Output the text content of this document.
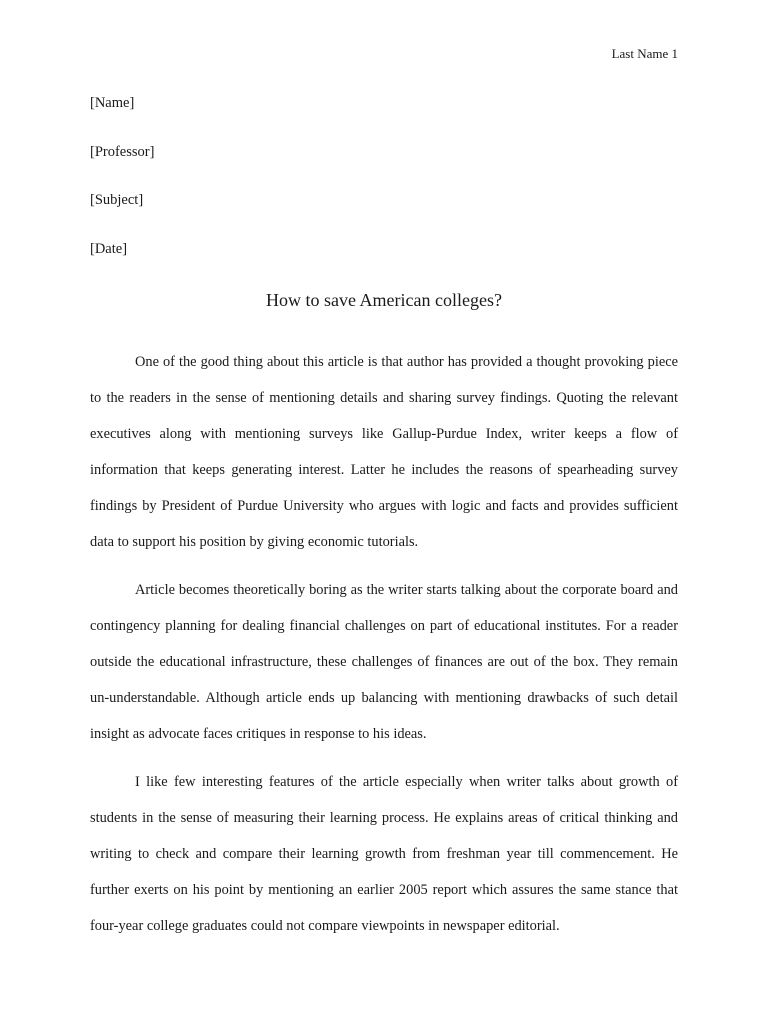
Last Name 1
[Name]
[Professor]
[Subject]
[Date]
How to save American colleges?

One of the good thing about this article is that author has provided a thought provoking piece to the readers in the sense of mentioning details and sharing survey findings. Quoting the relevant executives along with mentioning surveys like Gallup-Purdue Index, writer keeps a flow of information that keeps generating interest. Latter he includes the reasons of spearheading survey findings by President of Purdue University who argues with logic and facts and provides sufficient data to support his position by giving economic tutorials.

Article becomes theoretically boring as the writer starts talking about the corporate board and contingency planning for dealing financial challenges on part of educational institutes. For a reader outside the educational infrastructure, these challenges of finances are out of the box. They remain un-understandable. Although article ends up balancing with mentioning drawbacks of such detail insight as advocate faces critiques in response to his ideas.

I like few interesting features of the article especially when writer talks about growth of students in the sense of measuring their learning process. He explains areas of critical thinking and writing to check and compare their learning growth from freshman year till commencement. He further exerts on his point by mentioning an earlier 2005 report which assures the same stance that four-year college graduates could not compare viewpoints in newspaper editorial.
